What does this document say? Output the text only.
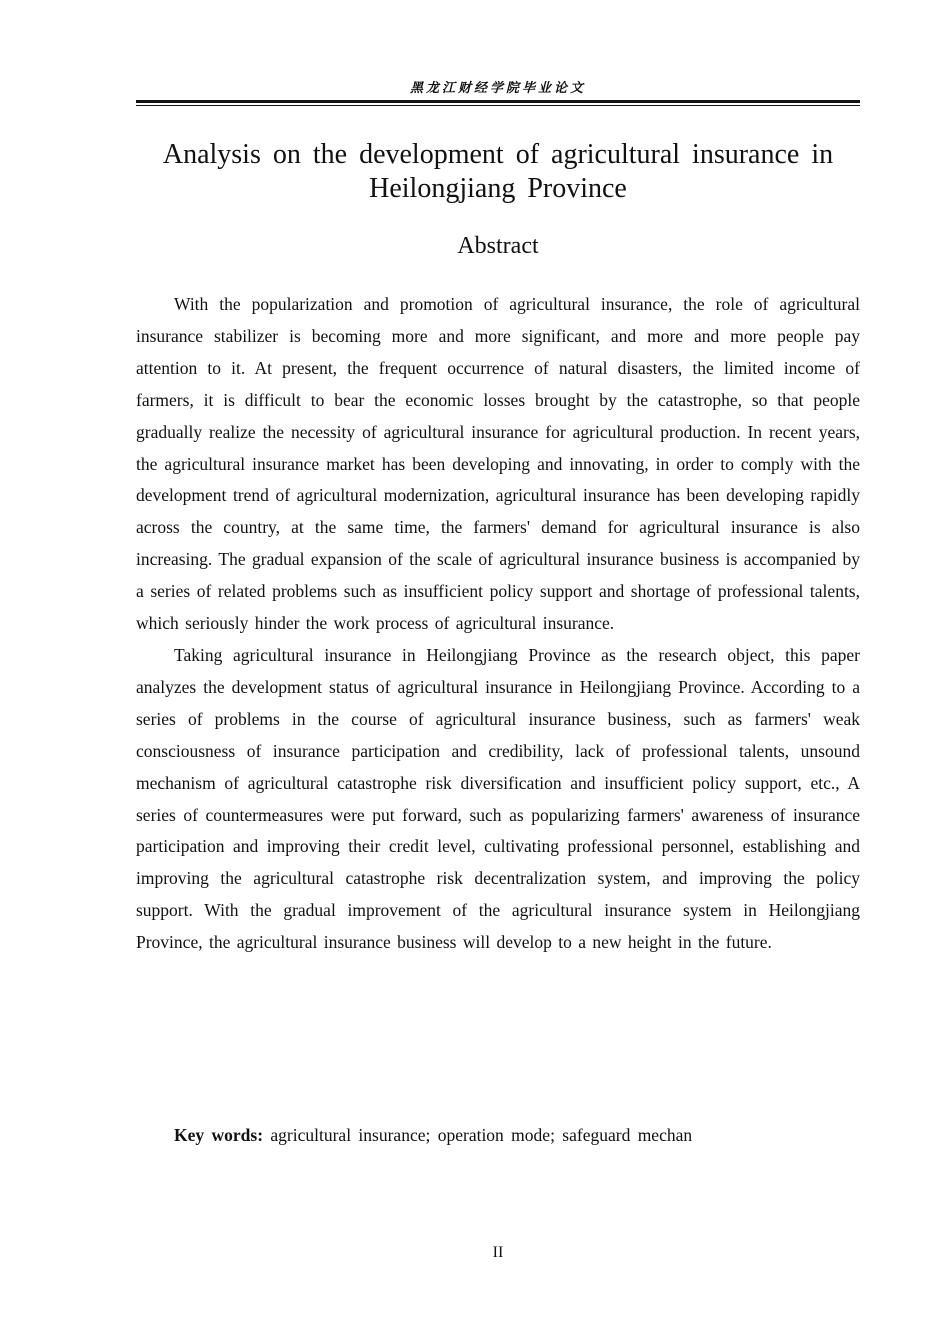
黑龙江财经学院毕业论文
Analysis on the development of agricultural insurance in Heilongjiang Province
Abstract

With the popularization and promotion of agricultural insurance, the role of agricultural insurance stabilizer is becoming more and more significant, and more and more people pay attention to it. At present, the frequent occurrence of natural disasters, the limited income of farmers, it is difficult to bear the economic losses brought by the catastrophe, so that people gradually realize the necessity of agricultural insurance for agricultural production. In recent years, the agricultural insurance market has been developing and innovating, in order to comply with the development trend of agricultural modernization, agricultural insurance has been developing rapidly across the country, at the same time, the farmers' demand for agricultural insurance is also increasing. The gradual expansion of the scale of agricultural insurance business is accompanied by a series of related problems such as insufficient policy support and shortage of professional talents, which seriously hinder the work process of agricultural insurance.

Taking agricultural insurance in Heilongjiang Province as the research object, this paper analyzes the development status of agricultural insurance in Heilongjiang Province. According to a series of problems in the course of agricultural insurance business, such as farmers' weak consciousness of insurance participation and credibility, lack of professional talents, unsound mechanism of agricultural catastrophe risk diversification and insufficient policy support, etc., A series of countermeasures were put forward, such as popularizing farmers' awareness of insurance participation and improving their credit level, cultivating professional personnel, establishing and improving the agricultural catastrophe risk decentralization system, and improving the policy support. With the gradual improvement of the agricultural insurance system in Heilongjiang Province, the agricultural insurance business will develop to a new height in the future.

Key words: agricultural insurance; operation mode; safeguard mechan
II
